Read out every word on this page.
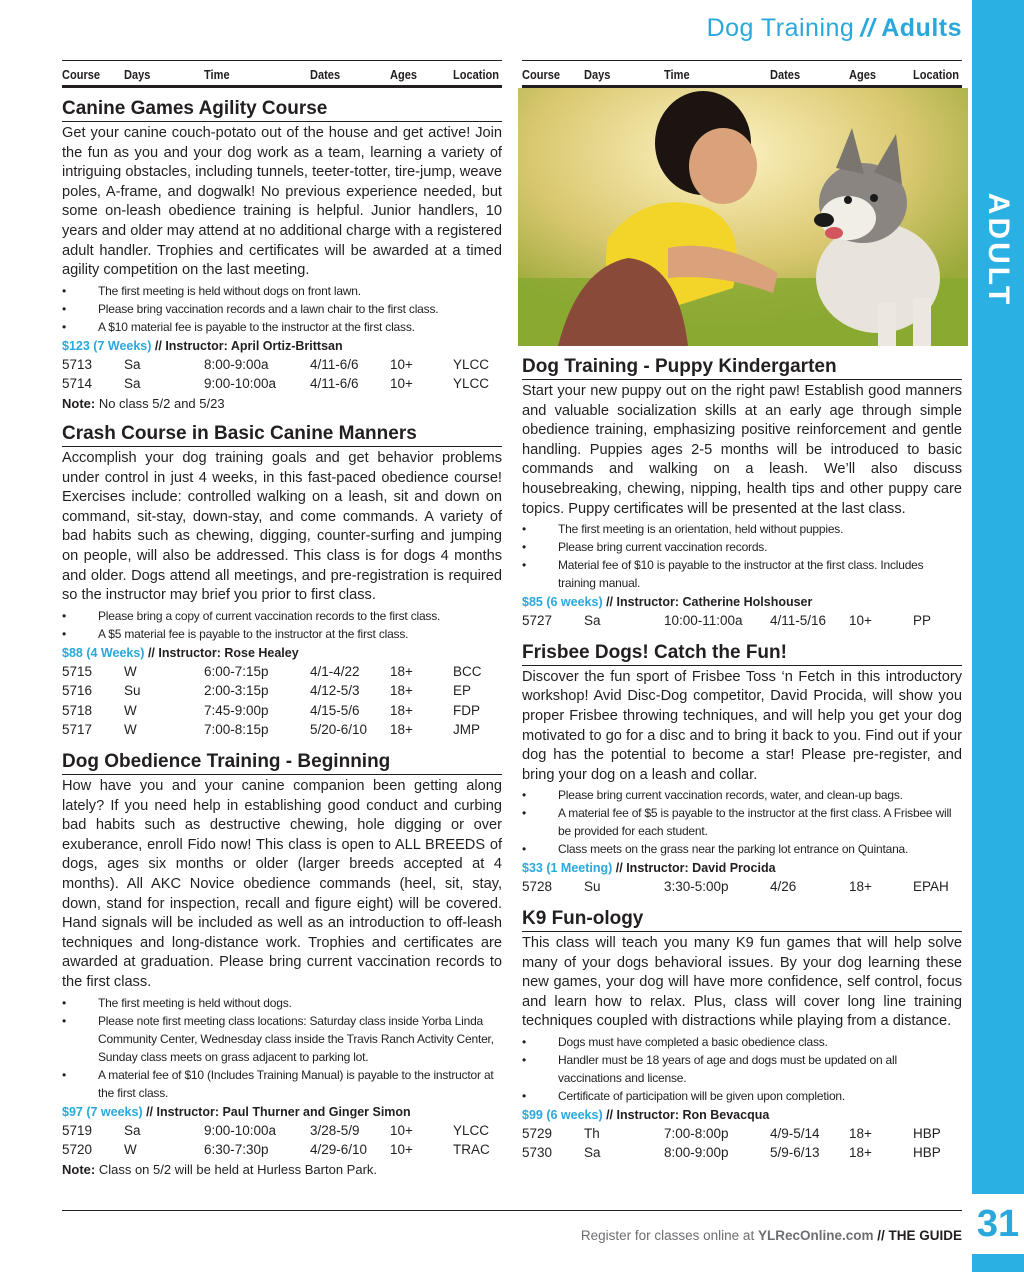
Dog Training // Adults
ADULT
31
Course Days	Time	Dates	Ages	Location
Canine Games Agility Course
Get your canine couch-potato out of the house and get active! Join the fun as you and your dog work as a team, learning a variety of intriguing obstacles, including tunnels, teeter-totter, tire-jump, weave poles, A-frame, and dogwalk! No previous experience needed, but some on-leash obedience training is helpful. Junior handlers, 10 years and older may attend at no additional charge with a registered adult handler. Trophies and certificates will be awarded at a timed agility competition on the last meeting.
• The first meeting is held without dogs on front lawn.
• Please bring vaccination records and a lawn chair to the first class.
• A $10 material fee is payable to the instructor at the first class.
$123 (7 Weeks) // Instructor: April Ortiz-Brittsan
5713 Sa	8:00-9:00a	4/11-6/6 10+	YLCC
5714 Sa	9:00-10:00a	4/11-6/6 10+	YLCC
Note: No class 5/2 and 5/23
Crash Course in Basic Canine Manners
Accomplish your dog training goals and get behavior problems under control in just 4 weeks, in this fast-paced obedience course! Exercises include: controlled walking on a leash, sit and down on command, sit-stay, down-stay, and come commands. A variety of bad habits such as chewing, digging, counter-surfing and jumping on people, will also be addressed. This class is for dogs 4 months and older. Dogs attend all meetings, and pre-registration is required so the instructor may brief you prior to first class.
• Please bring a copy of current vaccination records to the first class.
• A $5 material fee is payable to the instructor at the first class.
$88 (4 Weeks) // Instructor: Rose Healey
5715 W	6:00-7:15p	4/1-4/22 18+	BCC
5716 Su	2:00-3:15p	4/12-5/3 18+	EP
5718 W	7:45-9:00p	4/15-5/6 18+	FDP
5717 W	7:00-8:15p	5/20-6/10 18+	JMP
Dog Obedience Training - Beginning
How have you and your canine companion been getting along lately? If you need help in establishing good conduct and curbing bad habits such as destructive chewing, hole digging or over exuberance, enroll Fido now! This class is open to ALL BREEDS of dogs, ages six months or older (larger breeds accepted at 4 months). All AKC Novice obedience commands (heel, sit, stay, down, stand for inspection, recall and figure eight) will be covered. Hand signals will be included as well as an introduction to off-leash techniques and long-distance work. Trophies and certificates are awarded at graduation. Please bring current vaccination records to the first class.
• The first meeting is held without dogs.
• Please note first meeting class locations: Saturday class inside Yorba Linda Community Center, Wednesday class inside the Travis Ranch Activity Center, Sunday class meets on grass adjacent to parking lot.
• A material fee of $10 (Includes Training Manual) is payable to the instructor at the first class.
$97 (7 weeks) // Instructor: Paul Thurner and Ginger Simon
5719 Sa	9:00-10:00a	3/28-5/9 10+	YLCC
5720 W	6:30-7:30p	4/29-6/10 10+	TRAC
Note: Class on 5/2 will be held at Hurless Barton Park.
Course Days	Time	Dates	Ages	Location
Dog Training - Puppy Kindergarten
Start your new puppy out on the right paw! Establish good manners and valuable socialization skills at an early age through simple obedience training, emphasizing positive reinforcement and gentle handling. Puppies ages 2-5 months will be introduced to basic commands and walking on a leash. We’ll also discuss housebreaking, chewing, nipping, health tips and other puppy care topics. Puppy certificates will be presented at the last class.
• The first meeting is an orientation, held without puppies.
• Please bring current vaccination records.
• Material fee of $10 is payable to the instructor at the first class. Includes training manual.
$85 (6 weeks) // Instructor: Catherine Holshouser
5727 Sa	10:00-11:00a 4/11-5/16 10+	PP
Frisbee Dogs! Catch the Fun!
Discover the fun sport of Frisbee Toss ‘n Fetch in this introductory workshop! Avid Disc-Dog competitor, David Procida, will show you proper Frisbee throwing techniques, and will help you get your dog motivated to go for a disc and to bring it back to you. Find out if your dog has the potential to become a star! Please pre-register, and bring your dog on a leash and collar.
• Please bring current vaccination records, water, and clean-up bags.
• A material fee of $5 is payable to the instructor at the first class. A Frisbee will be provided for each student.
• Class meets on the grass near the parking lot entrance on Quintana.
$33 (1 Meeting) // Instructor: David Procida
5728 Su	3:30-5:00p	4/26	18+	EPAH
K9 Fun-ology
This class will teach you many K9 fun games that will help solve many of your dogs behavioral issues. By your dog learning these new games, your dog will have more confidence, self control, focus and learn how to relax. Plus, class will cover long line training techniques coupled with distractions while playing from a distance.
• Dogs must have completed a basic obedience class.
• Handler must be 18 years of age and dogs must be updated on all vaccinations and license.
• Certificate of participation will be given upon completion.
$99 (6 weeks) // Instructor: Ron Bevacqua
5729 Th	7:00-8:00p	4/9-5/14 18+	HBP
5730 Sa	8:00-9:00p	5/9-6/13 18+	HBP
Register for classes online at YLRecOnline.com // THE GUIDE
